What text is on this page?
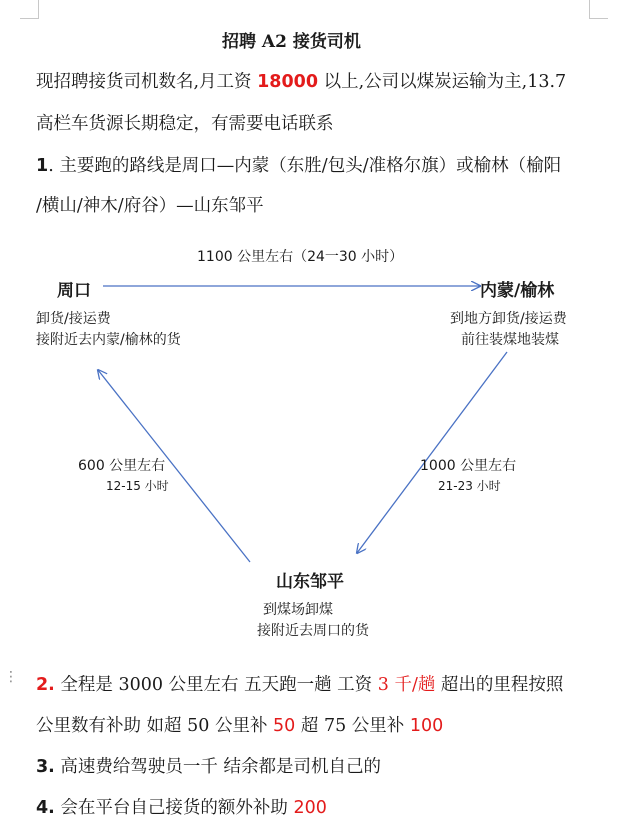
招聘 A2 接货司机
现招聘接货司机数名,月工资 18000 以上,公司以煤炭运输为主,13.7
高栏车货源长期稳定，有需要电话联系
1. 主要跑的路线是周口—内蒙（东胜/包头/准格尔旗）或榆林（榆阳
/横山/神木/府谷）—山东邹平
1100 公里左右（24一30 小时）
周口
卸货/接运费
接附近去内蒙/榆林的货
内蒙/榆林
到地方卸货/接运费
前往装煤地装煤
600 公里左右
12-15 小时
1000 公里左右
21-23 小时
山东邹平
到煤场卸煤
接附近去周口的货
⋮ 2. 全程是 3000 公里左右 五天跑一趟 工资 3 千/趟 超出的里程按照
公里数有补助 如超 50 公里补 50 超 75 公里补 100
3. 高速费给驾驶员一千 结余都是司机自己的
4. 会在平台自己接货的额外补助 200
